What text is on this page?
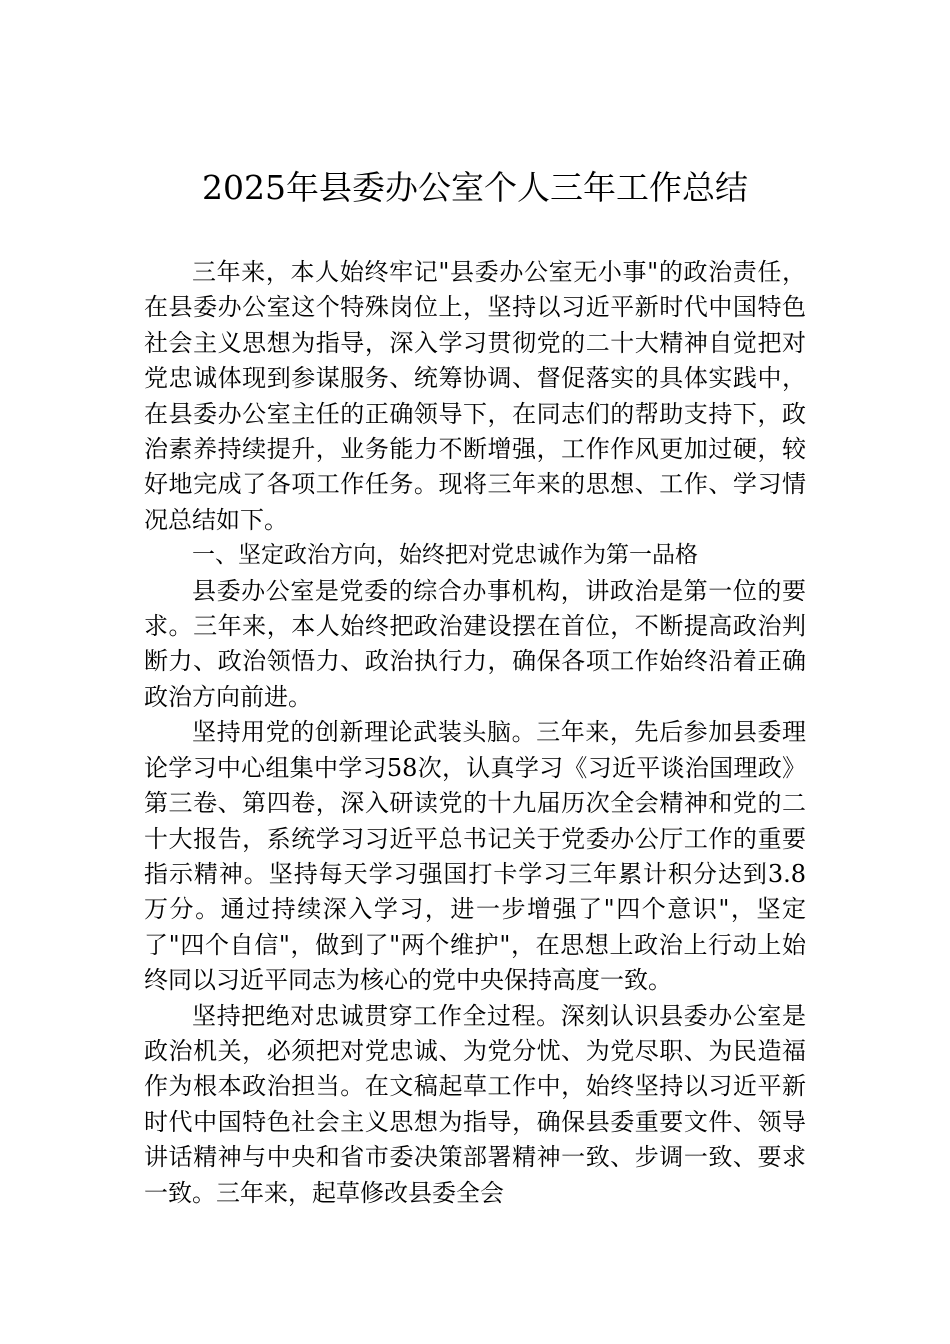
2025年县委办公室个人三年工作总结

三年来，本人始终牢记"县委办公室无小事"的政治责任，在县委办公室这个特殊岗位上，坚持以习近平新时代中国特色社会主义思想为指导，深入学习贯彻党的二十大精神自觉把对党忠诚体现到参谋服务、统筹协调、督促落实的具体实践中，在县委办公室主任的正确领导下，在同志们的帮助支持下，政治素养持续提升，业务能力不断增强，工作作风更加过硬，较好地完成了各项工作任务。现将三年来的思想、工作、学习情况总结如下。

一、坚定政治方向，始终把对党忠诚作为第一品格

县委办公室是党委的综合办事机构，讲政治是第一位的要求。三年来，本人始终把政治建设摆在首位，不断提高政治判断力、政治领悟力、政治执行力，确保各项工作始终沿着正确政治方向前进。

坚持用党的创新理论武装头脑。三年来，先后参加县委理论学习中心组集中学习58次，认真学习《习近平谈治国理政》第三卷、第四卷，深入研读党的十九届历次全会精神和党的二十大报告，系统学习习近平总书记关于党委办公厅工作的重要指示精神。坚持每天学习强国打卡学习三年累计积分达到3.8万分。通过持续深入学习，进一步增强了"四个意识"，坚定了"四个自信"，做到了"两个维护"，在思想上政治上行动上始终同以习近平同志为核心的党中央保持高度一致。

坚持把绝对忠诚贯穿工作全过程。深刻认识县委办公室是政治机关，必须把对党忠诚、为党分忧、为党尽职、为民造福作为根本政治担当。在文稿起草工作中，始终坚持以习近平新时代中国特色社会主义思想为指导，确保县委重要文件、领导讲话精神与中央和省市委决策部署精神一致、步调一致、要求一致。三年来，起草修改县委全会
